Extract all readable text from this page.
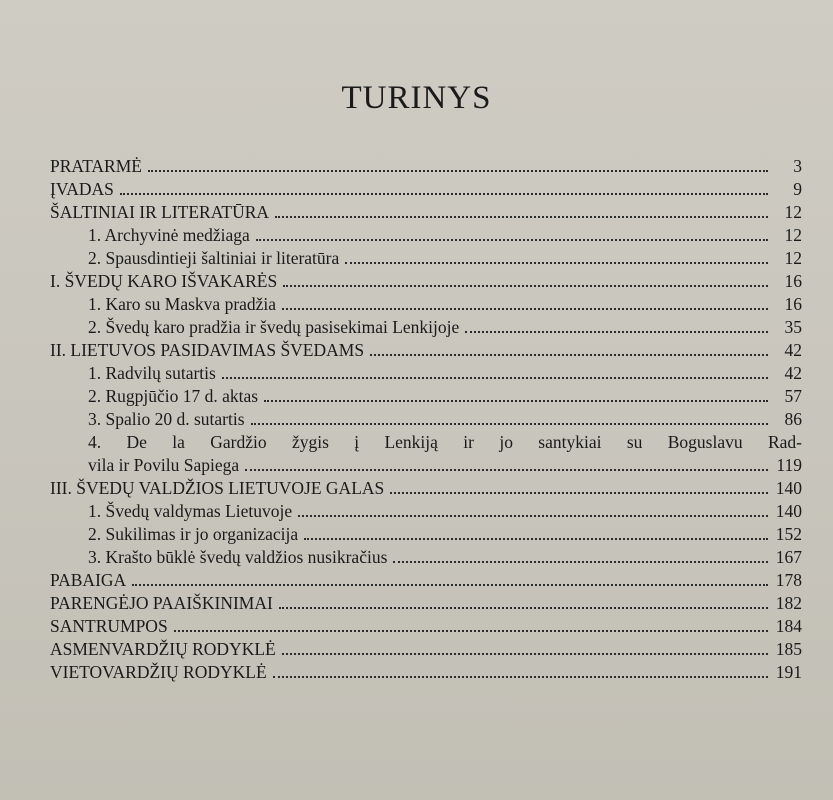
TURINYS
PRATARMĖ	3
ĮVADAS	9
ŠALTINIAI IR LITERATŪRA	12
1. Archyvinė medžiaga	12
2. Spausdintieji šaltiniai ir literatūra	12
I. ŠVEDŲ KARO IŠVAKARĖS	16
1. Karo su Maskva pradžia	16
2. Švedų karo pradžia ir švedų pasisekimai Lenkijoje	35
II. LIETUVOS PASIDAVIMAS ŠVEDAMS	42
1. Radvilų sutartis	42
2. Rugpjūčio 17 d. aktas	57
3. Spalio 20 d. sutartis	86
4. De la Gardžio žygis į Lenkiją ir jo santykiai su Boguslavu Rad-
vila ir Povilu Sapiega	119
III. ŠVEDŲ VALDŽIOS LIETUVOJE GALAS	140
1. Švedų valdymas Lietuvoje	140
2. Sukilimas ir jo organizacija	152
3. Krašto būklė švedų valdžios nusikračius	167
PABAIGA	178
PARENGĖJO PAAIŠKINIMAI	182
SANTRUMPOS	184
ASMENVARDŽIŲ RODYKLĖ	185
VIETOVARDŽIŲ RODYKLĖ	191
